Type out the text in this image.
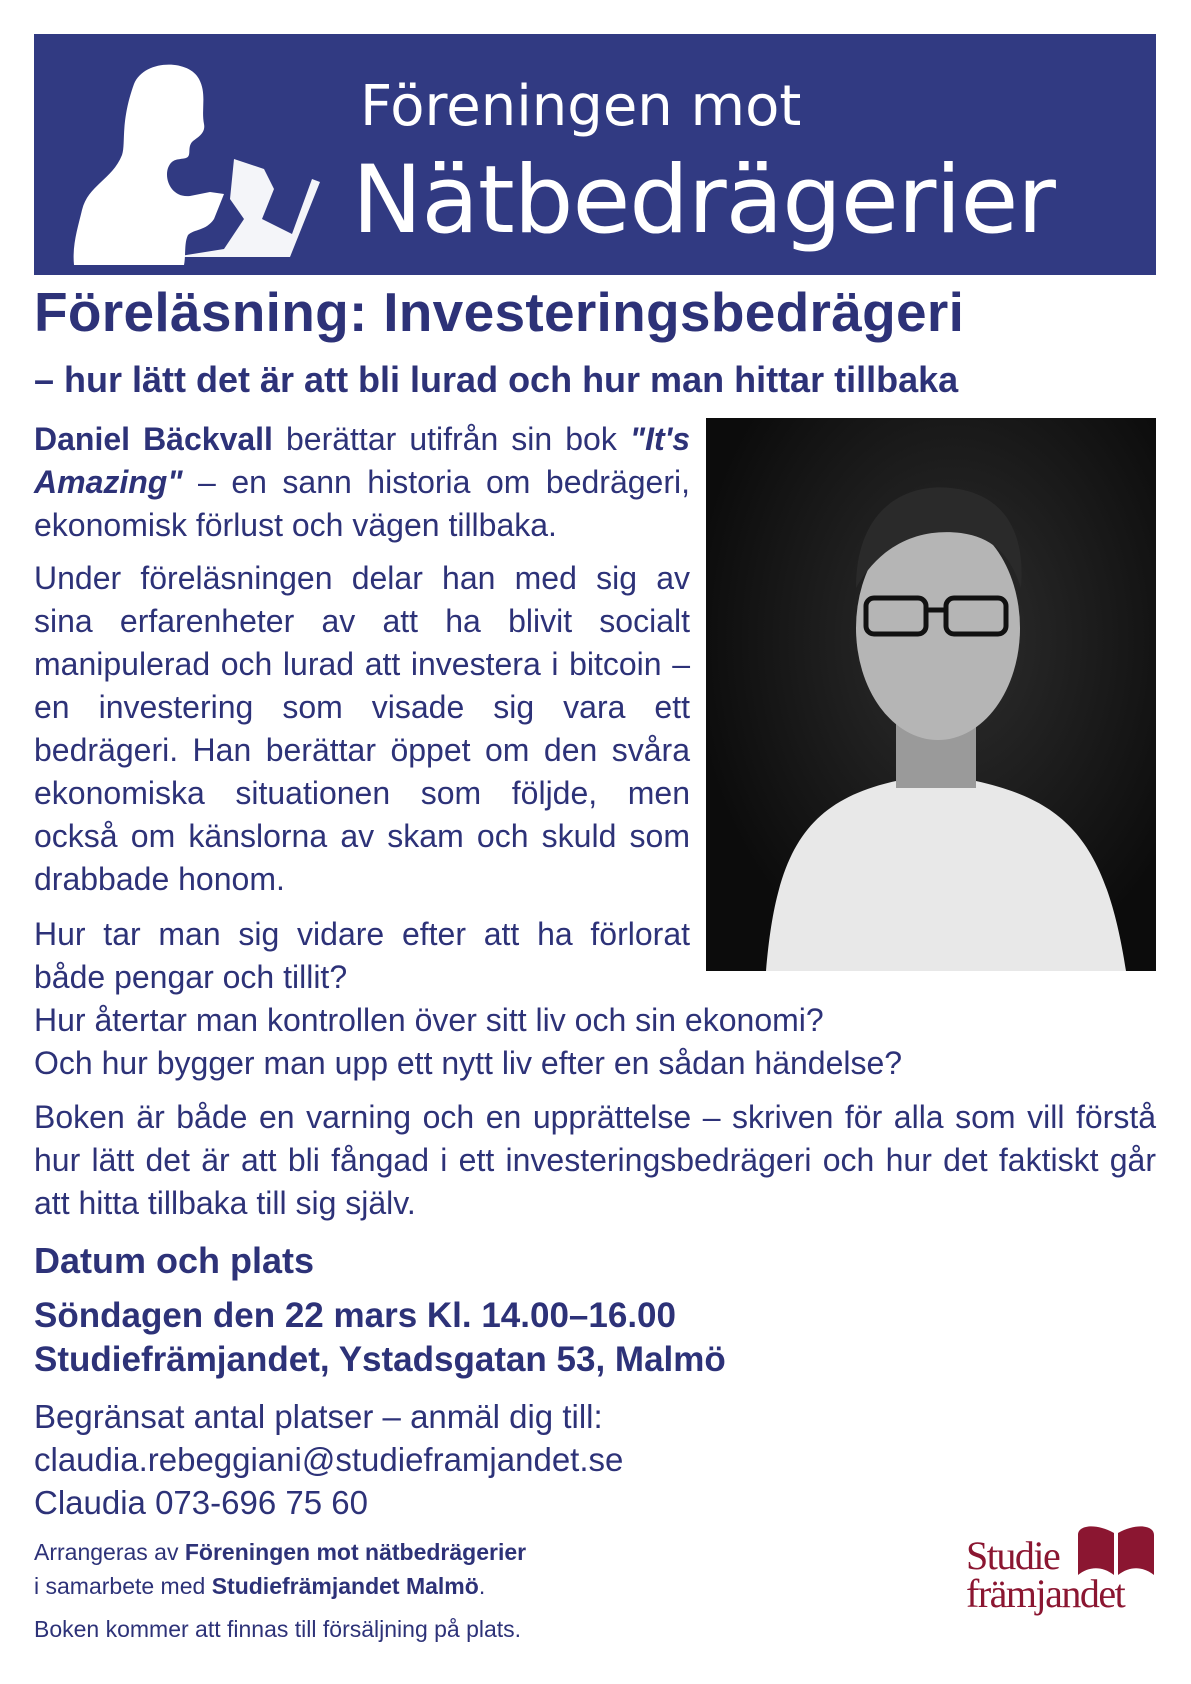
Föreningen mot
Nätbedrägerier
Föreläsning: Investeringsbedrägeri
– hur lätt det är att bli lurad och hur man hittar tillbaka
Daniel Bäckvall berättar utifrån sin bok "It's Amazing" – en sann historia om bedrägeri, ekonomisk förlust och vägen tillbaka.
Under föreläsningen delar han med sig av sina erfarenheter av att ha blivit socialt manipulerad och lurad att investera i bitcoin – en investering som visade sig vara ett bedrägeri. Han berättar öppet om den svåra ekonomiska situationen som följde, men också om känslorna av skam och skuld som drabbade honom.
Hur tar man sig vidare efter att ha förlorat både pengar och tillit?
Hur återtar man kontrollen över sitt liv och sin ekonomi?
Och hur bygger man upp ett nytt liv efter en sådan händelse?
Boken är både en varning och en upprättelse – skriven för alla som vill förstå hur lätt det är att bli fångad i ett investeringsbedrägeri och hur det faktiskt går att hitta tillbaka till sig själv.
Datum och plats
Söndagen den 22 mars Kl. 14.00–16.00
Studiefrämjandet, Ystadsgatan 53, Malmö
Begränsat antal platser – anmäl dig till:
claudia.rebeggiani@studieframjandet.se
Claudia 073-696 75 60
Arrangeras av Föreningen mot nätbedrägerier
i samarbete med Studiefrämjandet Malmö.
Boken kommer att finnas till försäljning på plats.
Studie
främjandet
